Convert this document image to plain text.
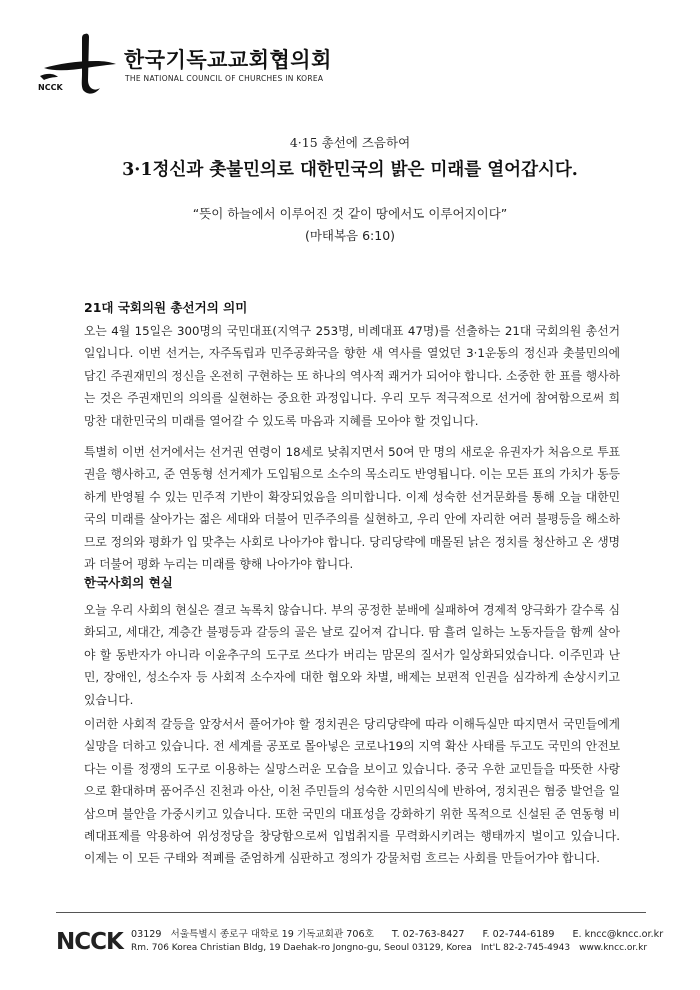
NCCK
한국기독교교회협의회
THE NATIONAL COUNCIL OF CHURCHES IN KOREA
4·15 총선에 즈음하여
3·1정신과 촛불민의로 대한민국의 밝은 미래를 열어갑시다.
“뜻이 하늘에서 이루어진 것 같이 땅에서도 이루어지이다”
(마태복음 6:10)
21대 국회의원 총선거의 의미
오는 4월 15일은 300명의 국민대표(지역구 253명, 비례대표 47명)를 선출하는 21대 국회의원 총선거일입니다. 이번 선거는, 자주독립과 민주공화국을 향한 새 역사를 열었던 3·1운동의 정신과 촛불민의에 담긴 주권재민의 정신을 온전히 구현하는 또 하나의 역사적 쾌거가 되어야 합니다. 소중한 한 표를 행사하는 것은 주권재민의 의의를 실현하는 중요한 과정입니다. 우리 모두 적극적으로 선거에 참여함으로써 희망찬 대한민국의 미래를 열어갈 수 있도록 마음과 지혜를 모아야 할 것입니다.
특별히 이번 선거에서는 선거권 연령이 18세로 낮춰지면서 50여 만 명의 새로운 유권자가 처음으로 투표권을 행사하고, 준 연동형 선거제가 도입됨으로 소수의 목소리도 반영됩니다. 이는 모든 표의 가치가 동등하게 반영될 수 있는 민주적 기반이 확장되었음을 의미합니다. 이제 성숙한 선거문화를 통해 오늘 대한민국의 미래를 살아가는 젊은 세대와 더불어 민주주의를 실현하고, 우리 안에 자리한 여러 불평등을 해소하므로 정의와 평화가 입 맞추는 사회로 나아가야 합니다. 당리당략에 매몰된 낡은 정치를 청산하고 온 생명과 더불어 평화 누리는 미래를 향해 나아가야 합니다.
한국사회의 현실
오늘 우리 사회의 현실은 결코 녹록치 않습니다. 부의 공정한 분배에 실패하여 경제적 양극화가 갈수록 심화되고, 세대간, 계층간 불평등과 갈등의 골은 날로 깊어져 갑니다. 땀 흘려 일하는 노동자들을 함께 살아야 할 동반자가 아니라 이윤추구의 도구로 쓰다가 버리는 맘몬의 질서가 일상화되었습니다. 이주민과 난민, 장애인, 성소수자 등 사회적 소수자에 대한 혐오와 차별, 배제는 보편적 인권을 심각하게 손상시키고 있습니다.
이러한 사회적 갈등을 앞장서서 풀어가야 할 정치권은 당리당략에 따라 이해득실만 따지면서 국민들에게 실망을 더하고 있습니다. 전 세계를 공포로 몰아넣은 코로나19의 지역 확산 사태를 두고도 국민의 안전보다는 이를 정쟁의 도구로 이용하는 실망스러운 모습을 보이고 있습니다. 중국 우한 교민들을 따뜻한 사랑으로 환대하며 품어주신 진천과 아산, 이천 주민들의 성숙한 시민의식에 반하여, 정치권은 혐중 발언을 일삼으며 불안을 가중시키고 있습니다. 또한 국민의 대표성을 강화하기 위한 목적으로 신설된 준 연동형 비례대표제를 악용하여 위성정당을 창당함으로써 입법취지를 무력화시키려는 행태까지 벌이고 있습니다. 이제는 이 모든 구태와 적폐를 준엄하게 심판하고 정의가 강물처럼 흐르는 사회를 만들어가야 합니다.
NCCK 03129 서울특별시 종로구 대학로 19 기독교회관 706호 T. 02-763-8427 F. 02-744-6189 E. kncc@kncc.or.kr
Rm. 706 Korea Christian Bldg, 19 Daehak-ro Jongno-gu, Seoul 03129, Korea Int'L 82-2-745-4943 www.kncc.or.kr
